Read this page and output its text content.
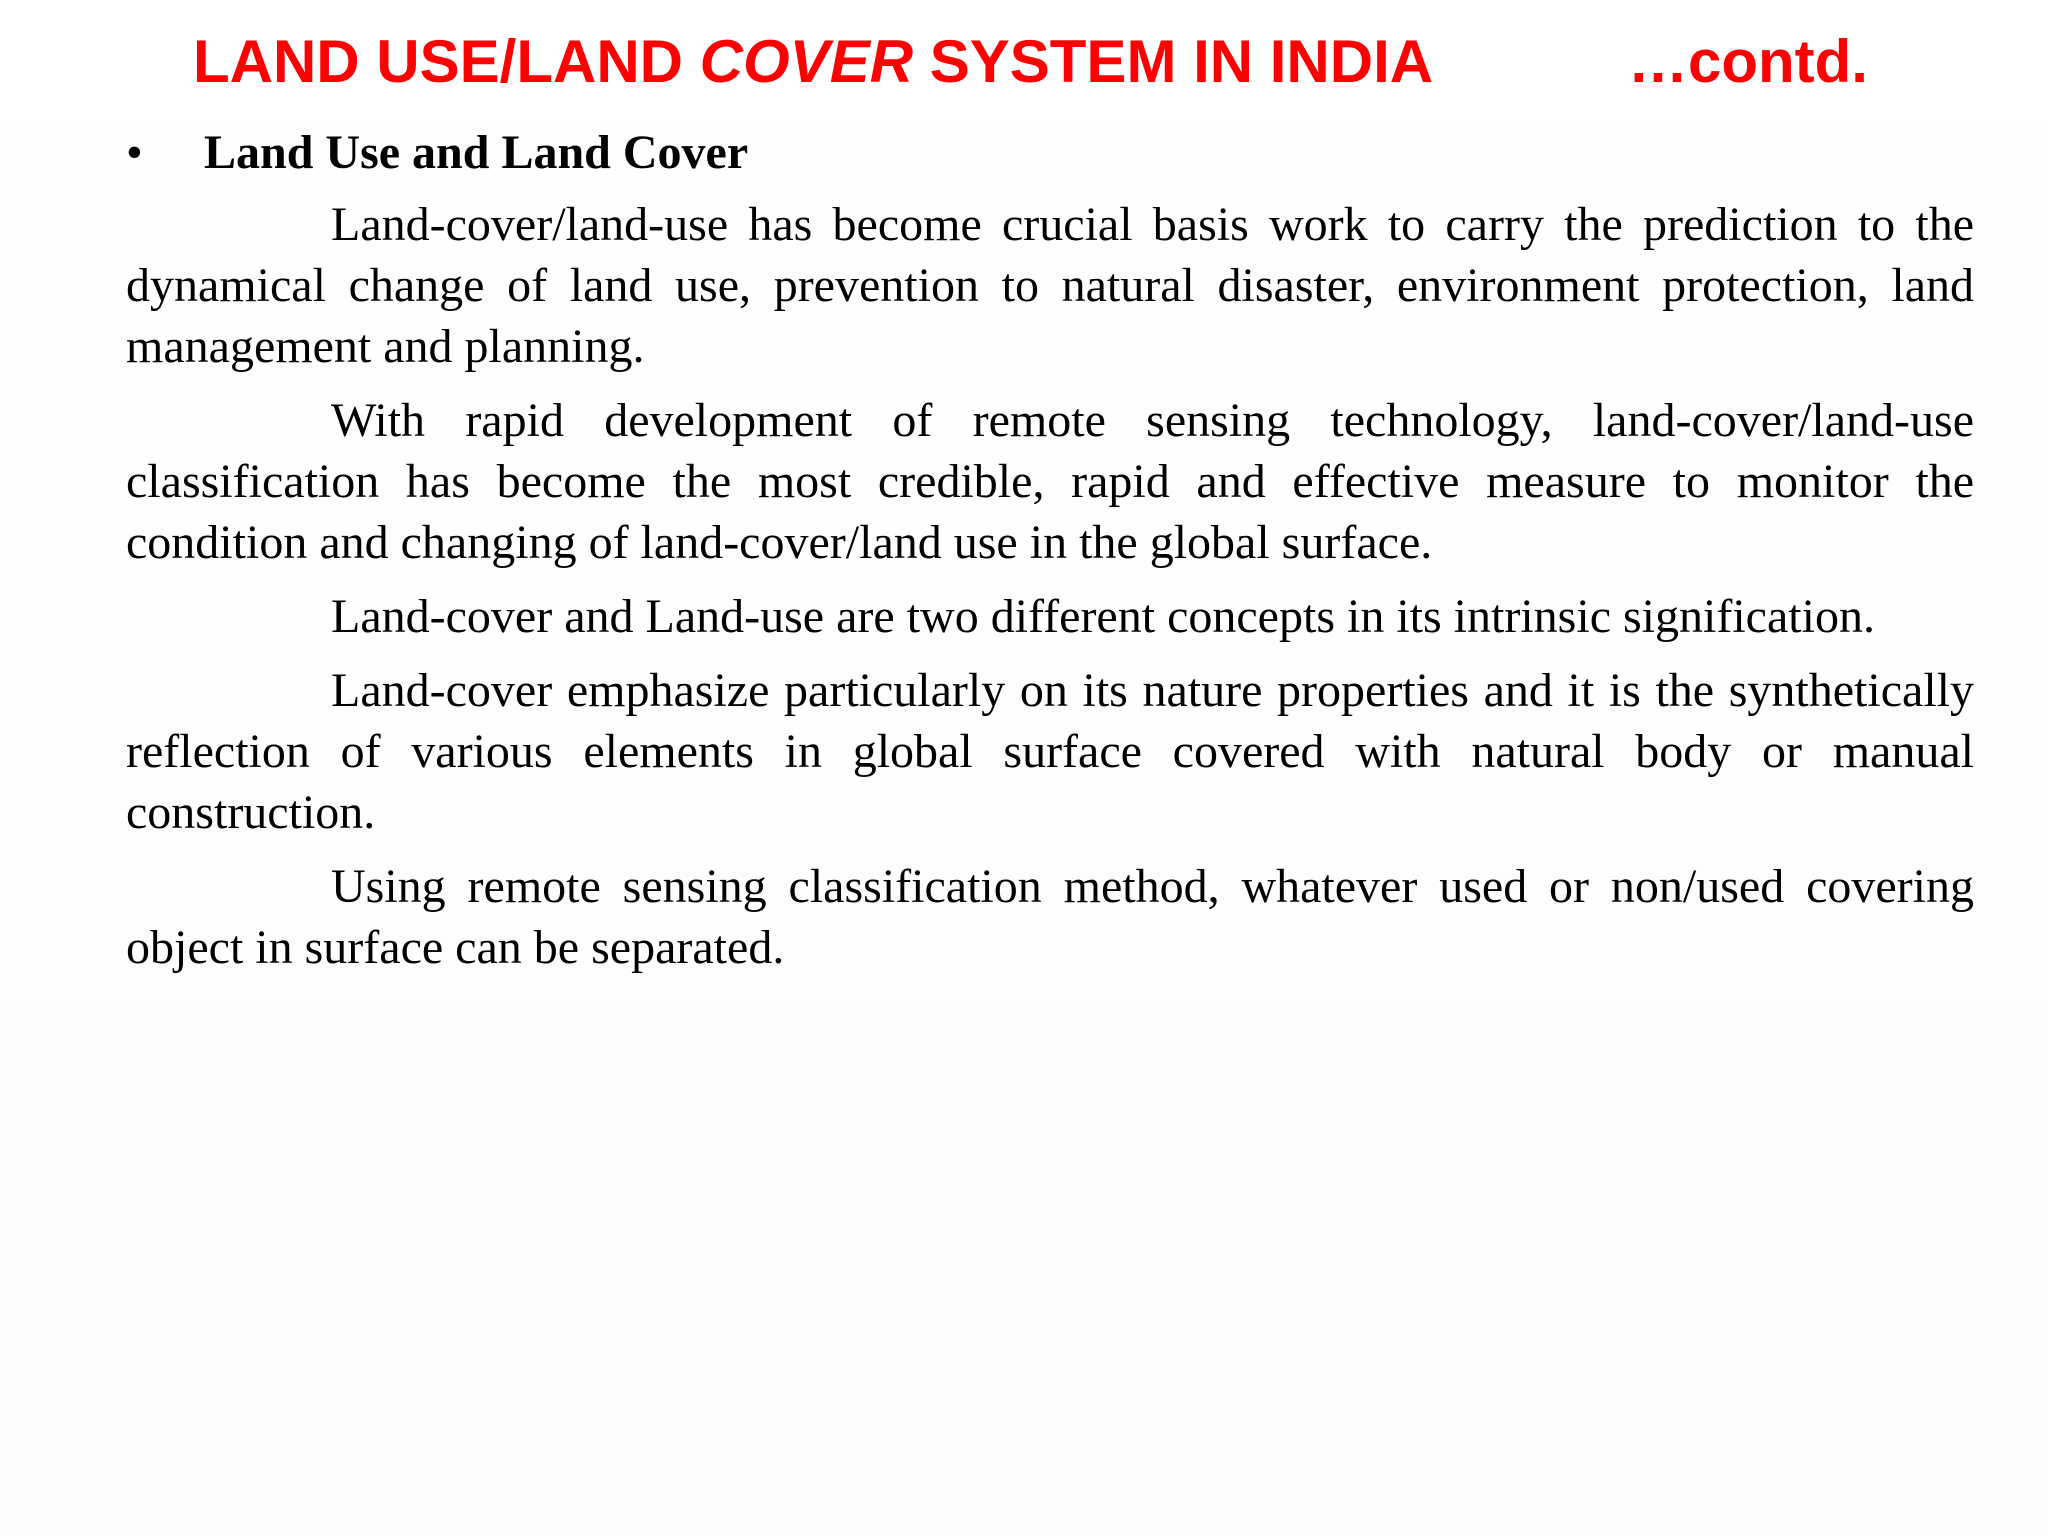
LAND USE/LAND COVER SYSTEM IN INDIA	…contd.
• Land Use and Land Cover

Land-cover/land-use has become crucial basis work to carry the prediction to the dynamical change of land use, prevention to natural disaster, environment protection, land management and planning.

With rapid development of remote sensing technology, land-cover/land-use classification has become the most credible, rapid and effective measure to monitor the condition and changing of land-cover/land use in the global surface.

Land-cover and Land-use are two different concepts in its intrinsic signification.

Land-cover emphasize particularly on its nature properties and it is the synthetically reflection of various elements in global surface covered with natural body or manual construction.

Using remote sensing classification method, whatever used or non/used covering object in surface can be separated.
